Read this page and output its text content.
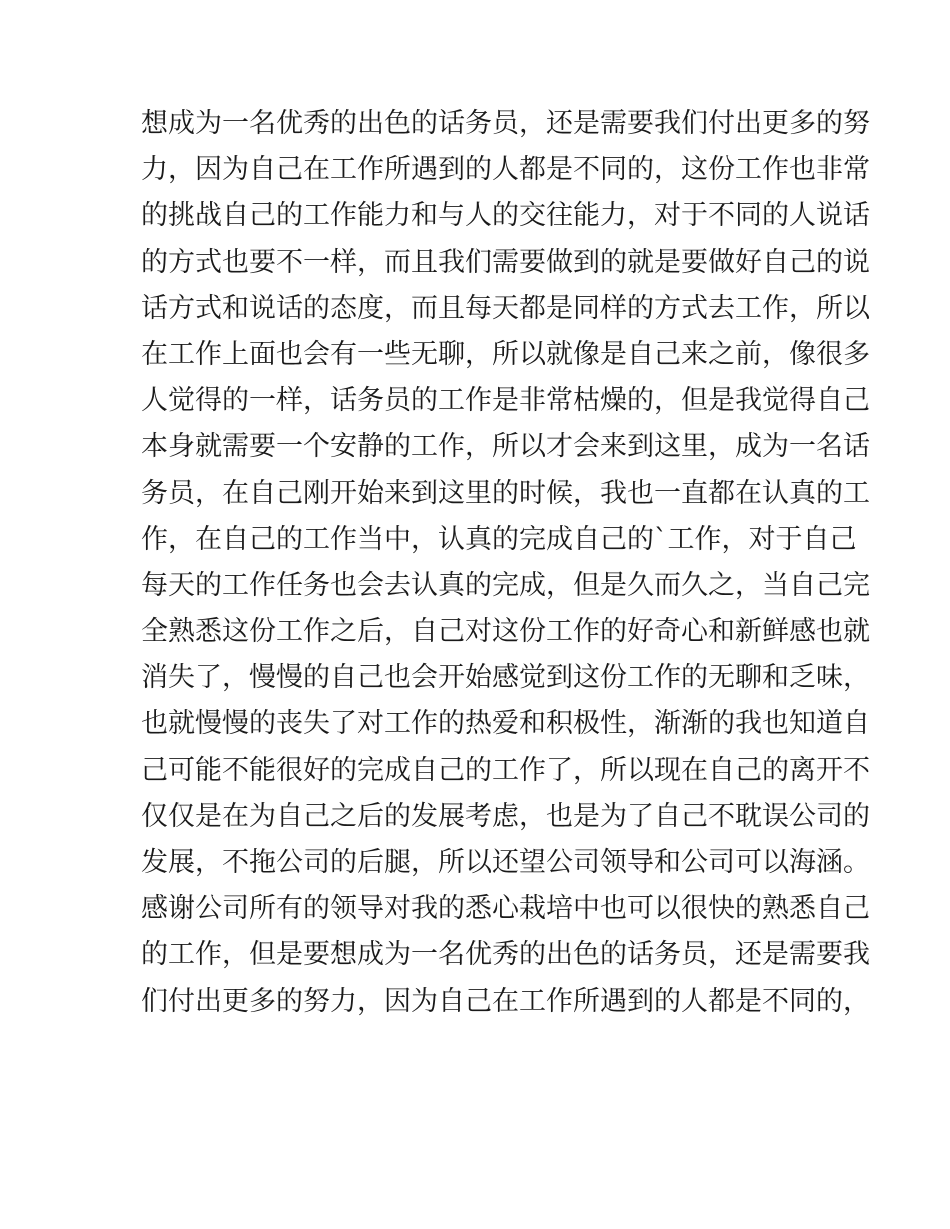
想成为一名优秀的出色的话务员，还是需要我们付出更多的努
力，因为自己在工作所遇到的人都是不同的，这份工作也非常
的挑战自己的工作能力和与人的交往能力，对于不同的人说话
的方式也要不一样，而且我们需要做到的就是要做好自己的说
话方式和说话的态度，而且每天都是同样的方式去工作，所以
在工作上面也会有一些无聊，所以就像是自己来之前，像很多
人觉得的一样，话务员的工作是非常枯燥的，但是我觉得自己
本身就需要一个安静的工作，所以才会来到这里，成为一名话
务员，在自己刚开始来到这里的时候，我也一直都在认真的工
作，在自己的工作当中，认真的完成自己的`工作，对于自己
每天的工作任务也会去认真的完成，但是久而久之，当自己完
全熟悉这份工作之后，自己对这份工作的好奇心和新鲜感也就
消失了，慢慢的自己也会开始感觉到这份工作的无聊和乏味，
也就慢慢的丧失了对工作的热爱和积极性，渐渐的我也知道自
己可能不能很好的完成自己的工作了，所以现在自己的离开不
仅仅是在为自己之后的发展考虑，也是为了自己不耽误公司的
发展，不拖公司的后腿，所以还望公司领导和公司可以海涵。
感谢公司所有的领导对我的悉心栽培中也可以很快的熟悉自己
的工作，但是要想成为一名优秀的出色的话务员，还是需要我
们付出更多的努力，因为自己在工作所遇到的人都是不同的，
